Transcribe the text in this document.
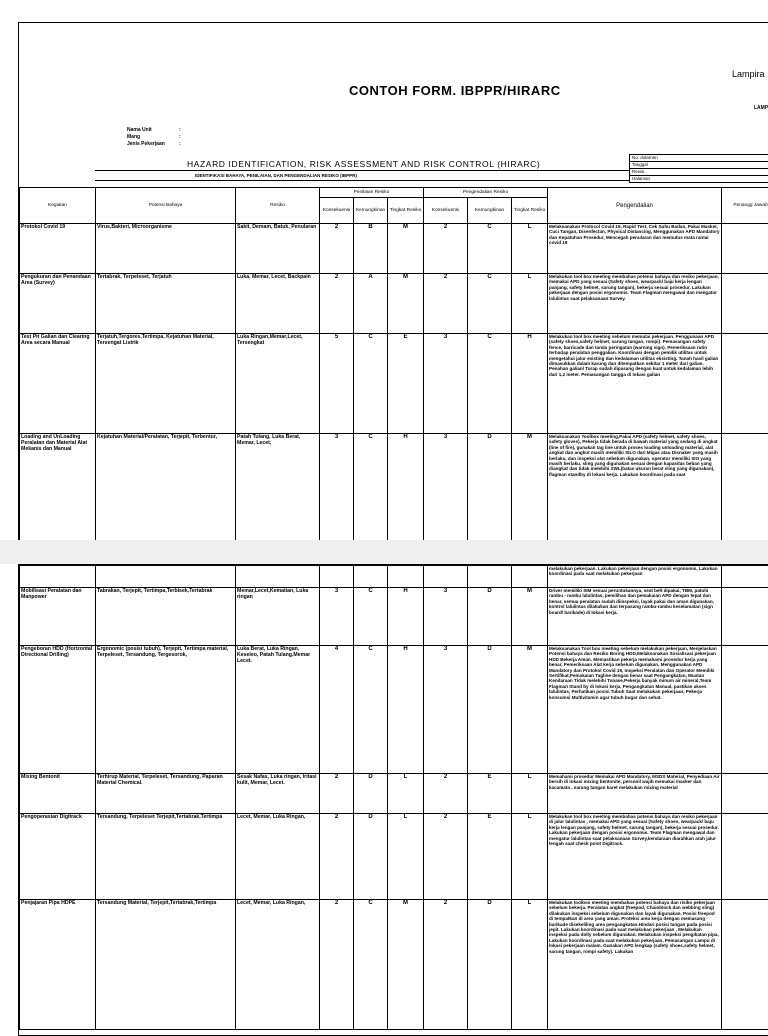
CONTOH FORM. IBPPR/HIRARC
Lampira
LAMP
Nama Unit	:
Mang	:
Jenis Pekerjaan	:
HAZARD IDENTIFICATION, RISK ASSESSMENT AND RISK CONTROL (HIRARC)
IDENTIFIKASI BAHAYA, PENILAIAN, DAN PENGENDALIAN RESIKO (IBPPR)
No. dolarnen
Tanggal
Revisi
Halaman
Kegiatan	Potensi Bahaya	Resiko	Penilaian Resiko			Pengendalian Resiko			Pengendalian	Penangg Jawab
			Konsekuensi	Kemungkinan	Tingkat Resiko	Konsekuensi	Kemungkinan	Tingkat Resiko		
Protokol Covid 19	Virus,Bakteri, Microorganisme	Sakit, Demam, Batuk, Penularan	2	B	M	2	C	L	Melaksanakan Protocol Covid 19, Rapid Test, Cek Suhu Badan, Pakai Masker, Cuci Tangan, Disenfectan, Physical Distancing, Menggunakan APD Mandatory dan Kepatuhan Prosedur, Mencegah penularan dan memutus mata rantai covid 19	
Pengukuran dan Penandaan Area (Survey)	Tertabrak, Terpeleset, Terjatuh	Luka, Memar, Lecet, Backpain	2	A	M	2	C	L	Melakukan tool box meeting membahas potensi bahaya dan resiko pekerjaan, memakai APD yang sesuai (Safety shoes, wearpack/ baju kerja lengan panjang, safety helmet, sarung tangan), bekerja sesuai prosedur. Lakukan pekerjaan dengan posisi ergonomis. Team Flagman mengawal dan mengatur lalulintas saat pelaksanaan Survey.	
Test Pit Galian dan Clearing Area secara Manual	Terjatuh,Tergores,Tertimpa, Kejatuhan Material, Tersengat Listrik	Luka Ringan,Memar,Lecet, Tersengkat	5	C	E	3	C	H	Melakukan tool box meeting sebelum memulai pekerjaan. Penggunaan APD (safety shoes,safety helmet, sarung tangan, rompi). Pemasangan safety fence, barricade dan tanda peringatan (warning sign). Pemeriksaan rutin terhadap peralatan penggalian. Koordinasi dengan pemilik utilitas untuk mengetahui jalur existing dan kedalaman utilitas eksisting. Tanah hasil galian dimasukkan dalam karung dan ditempatkan sekitar 1 meter dari galian. Penahan galian/ Turap sudah dipasang dengan kuat untuk kedalaman lebih dari 1,2 meter. Pemasangan tangga di lokasi galian	
Loading and UnLoading Peralatan dan Material Alat Mekanis dan Manual	Kejatuhan Material/Peralatan, Terjepit, Terbentur,	Patah Tulang, Luka Berat, Memar, Lecet,	3	C	H	3	D	M	Melaksanakan Toolbox meeting,Pakai APD (safety helmet, safety shoes, safety gloves), Pekerja tidak berada di bawah material yang sedang di angkat (line of fire), gunakan tag line untuk proses loading unloading material, alat angkat dan angkut masih memiliki SILO dari Migas atau Disnaker yang masih berlaku, dan inspeksi alat sebelum digunakan, operator memiliki SIO yang masih berlaku, sling yang digunakan sesuai dengan kapasitas beban yang diangkat dan tidak melebihi SWL(batas ukuran berat sling yang digunakan), flagman standby di lokasi kerja. Lakukan koordinasi pada saat	
									melakukan pekerjaan. Lakukan pekerjaan dengan posisi ergonomis, Lakukan koordinasi pada saat melakukan pekerjaan	
Mobilisasi Peralatan dan Manpower	Tabrakan, Terjepit, Tertimpa,Terbisek,Tertabrak	Memar,Lecet,Kematian, Luka ringan	3	C	H	3	D	M	Driver memiliki SIM sesuai peruntukannya, seat belt dipakai, TBM, patuhi rambu - rambu lalulintas, pemilihan dan pemakaian APD dengan tepat dan benar, semua peralatan sudah diinspeksi, layak pakai dan aman digunakan, kontrol lalulintas dilakukan dan terpasang rambu-rambu keselamatan (sign board/ barikade) di lokasi kerja.	
Pengeboran HDD (Horizontal Directional Drilling)	Ergonomic (posisi tubuh), Terjepit, Tertimpa material, Terpeleset, Tersandung, Tergesorok,	Luka Berat, Luka Ringan, Keseleo, Patah Tulang,Memar Lecet.	4	C	H	3	D	M	Melaksanakan Tool box meeting sebelum melakukan pekerjaan, Menjelaskan Potensi bahaya dan Resiko Boring HDD,Melaksanakan Sosialisasi pekerjaan HDD Bekerja Aman. Memastikan pekerja memahami prosedur kerja yang benar, Pemeriksaan Alat kerja sebelum digunakan, Menggunakan APD Mandatory dan Protokol Covid 19, Inspeksi Peralatan dan Operator Memiliki Sertifikat,Pemakaian Tagline dengan benar saat Pengangkatan, Muatan Kendaraan Tidak melebihi Tonase,Pekerja banyak minum air mineral,Team Flagman Stand by di lokasi kerja, Pengangkatan Manual, pastikan akses lalulintas, Perhatikan posisi Tubuh Saat melakukan pekerjaan, Pekerja konsumsi Multivitamin agar tubuh bugar dan sehat.	
Mixing Bentonit	Terhirup Material, Terpeleset, Tersandung, Paparan Material Chemical.	Sesak Nafas, Luka ringan, Iritasi kulit, Memar, Lecet.	2	D	L	2	E	L	Memahami prosedur Memakai APD Mandatory, MSDS Material, Penyediaan Air bersih di lokasi mixing bentonite, personil wajib memakai masker dan kacamata , sarung tangan karet melakukan mixing material	
Pengoperasian Digitrack	Tersandung, Terpeleset Terjepit,Tertabrak,Tertimpa	Lecet, Memar, Luka Ringan,	2	D	L	2	E	L	Melakukan tool box meeting membahas potensi bahaya dan resiko pekerjaan di jalur lalulintas , memakai APD yang sesuai (Safety shoes, wearpack/ baju kerja lengan panjang, safety helmet, sarung tangan), bekerja sesuai prosedur. Lakukan pekerjaan dengan posisi ergonomis. Team Flagman mengawal dan mengatur lalulintas saat pelaksanaan Survey,kendaraan diarahkan arah jalur lengah saat check point Digitrack.	
Penjajaran Pipa HDPE	Tersandung Material, Terjepit,Tertabrak,Tertimpa	Lecet, Memar, Luka Ringan,	2	C	M	2	D	L	Melakukan toolbox meeting membahas potensi bahaya dan risiko pekerjaan sebelum bekerja. Peralatan angkat (freepod, Chainblock dan webbing sling) dilakukan inspeksi sebelum digunakan dan layak digunakan. Posisi freepod di tempatkan di area yang aman. Proteksi area kerja dengan memasang barikade disekeliling area pengangkatan.Hindari posisi tangan pada posisi jepit. Lakukan koordinasi pada saat melakukan pekerjaan , Melakukan inspeksi pada dolly sebelum digunakan. Melakukan inspeksi pengikatan pipa, Lakukan koordinasi pada saat melakukan pekerjaan, Pemasangan Lampu di lokasi pekerjaan malam. Gunakan APD lengkap (safety shoes,safety helmet, sarung tangan, rompi safety). Lakukan	
